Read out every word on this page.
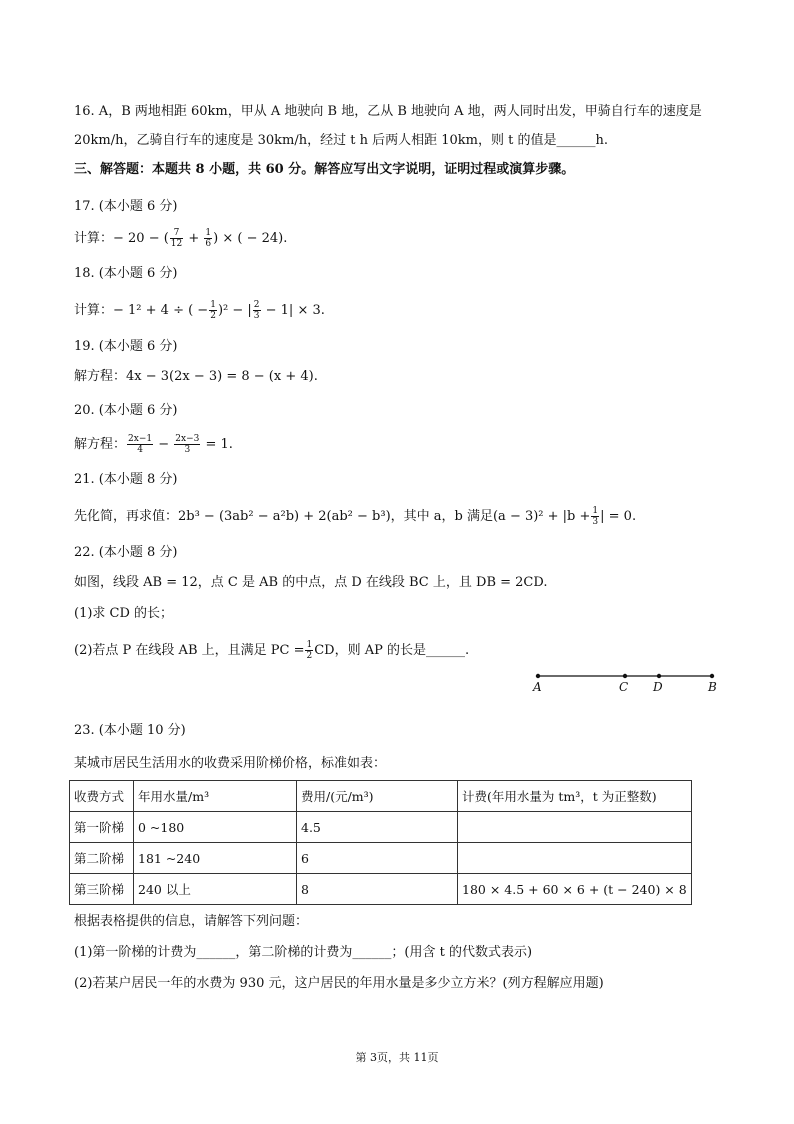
16. A，B 两地相距 60km，甲从 A 地驶向 B 地，乙从 B 地驶向 A 地，两人同时出发，甲骑自行车的速度是
20km/h，乙骑自行车的速度是 30km/h，经过 t h 后两人相距 10km，则 t 的值是______h.
三、解答题：本题共 8 小题，共 60 分。解答应写出文字说明，证明过程或演算步骤。
17. (本小题 6 分)
计算：− 20 − ( $\frac{7}{12} + \frac{1}{6}$ ) × ( − 24).
18. (本小题 6 分)
计算：− 1² + 4 ÷ ( − $\frac{1}{2} )^2$ − | $\frac{2}{3} - 1| \times 3$.
19. (本小题 6 分)
解方程：4x − 3(2x − 3) = 8 − (x + 4).
20. (本小题 6 分)
解方程： $\frac{2x-1}{4} - \frac{2x-3}{3} = 1$.
21. (本小题 8 分)
先化简，再求值：2b³ − (3ab² − a²b) + 2(ab² − b³)，其中 a，b 满足$(a - 3)^2 + |b + \frac{1}{3}$ | = 0.
22. (本小题 8 分)
如图，线段 AB = 12，点 C 是 AB 的中点，点 D 在线段 BC 上，且 DB = 2CD.
(1)求 CD 的长；
(2)若点 P 在线段 AB 上，且满足 PC = $\frac{1}{2}$ CD，则 AP 的长是______.
A	C D	B
23. (本小题 10 分)
某城市居民生活用水的收费采用阶梯价格，标准如表：
收费方式	年用水量/m³	费用/(元/m³)	计费(年用水量为 tm³，t 为正整数)
第一阶梯	0 ~180	4.5	
第二阶梯	181 ~240	6	
第三阶梯	240 以上	8	180 × 4.5 + 60 × 6 + (t − 240) × 8
根据表格提供的信息，请解答下列问题：
(1)第一阶梯的计费为______，第二阶梯的计费为______；(用含 t 的代数式表示)
(2)若某户居民一年的水费为 930 元，这户居民的年用水量是多少立方米？(列方程解应用题)
第 3页，共 11页
